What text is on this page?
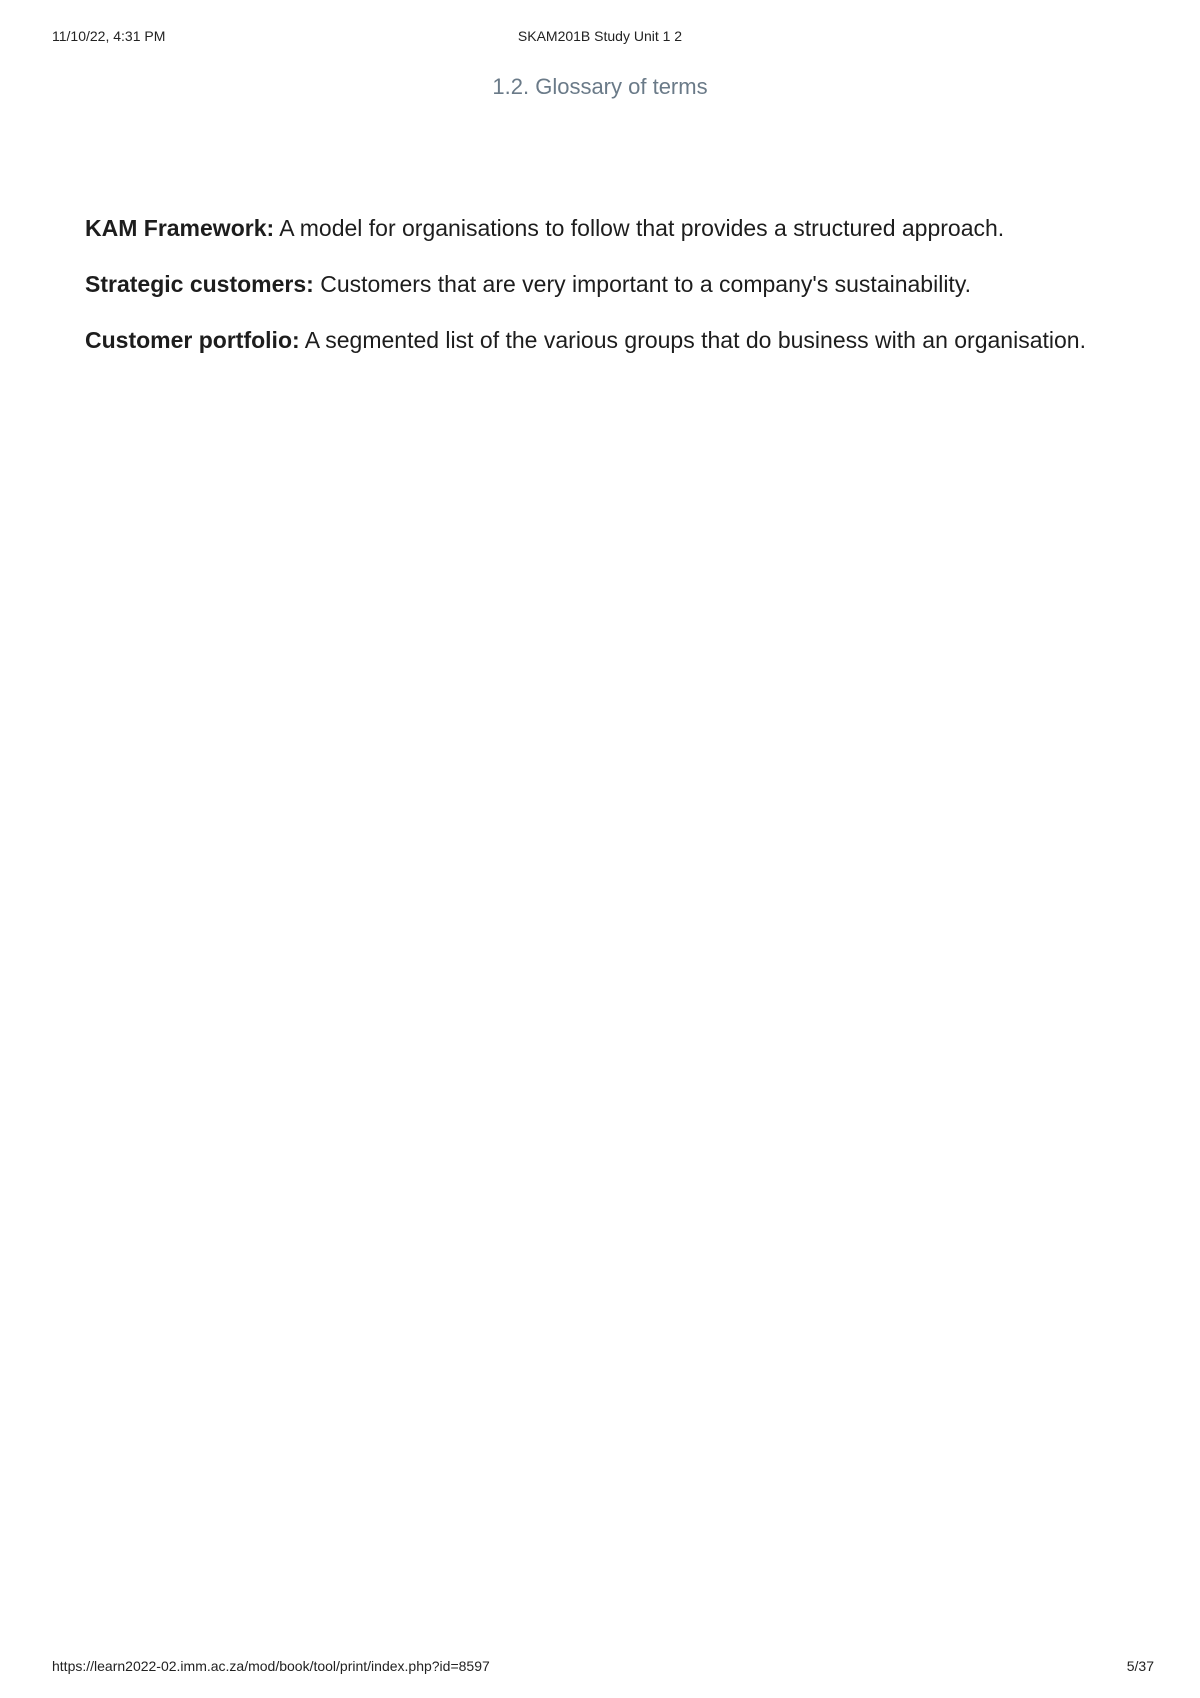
11/10/22, 4:31 PM	SKAM201B Study Unit 1 2
1.2. Glossary of terms

KAM Framework: A model for organisations to follow that provides a structured approach.

Strategic customers: Customers that are very important to a company's sustainability.

Customer portfolio: A segmented list of the various groups that do business with an organisation.

https://learn2022-02.imm.ac.za/mod/book/tool/print/index.php?id=8597	5/37
